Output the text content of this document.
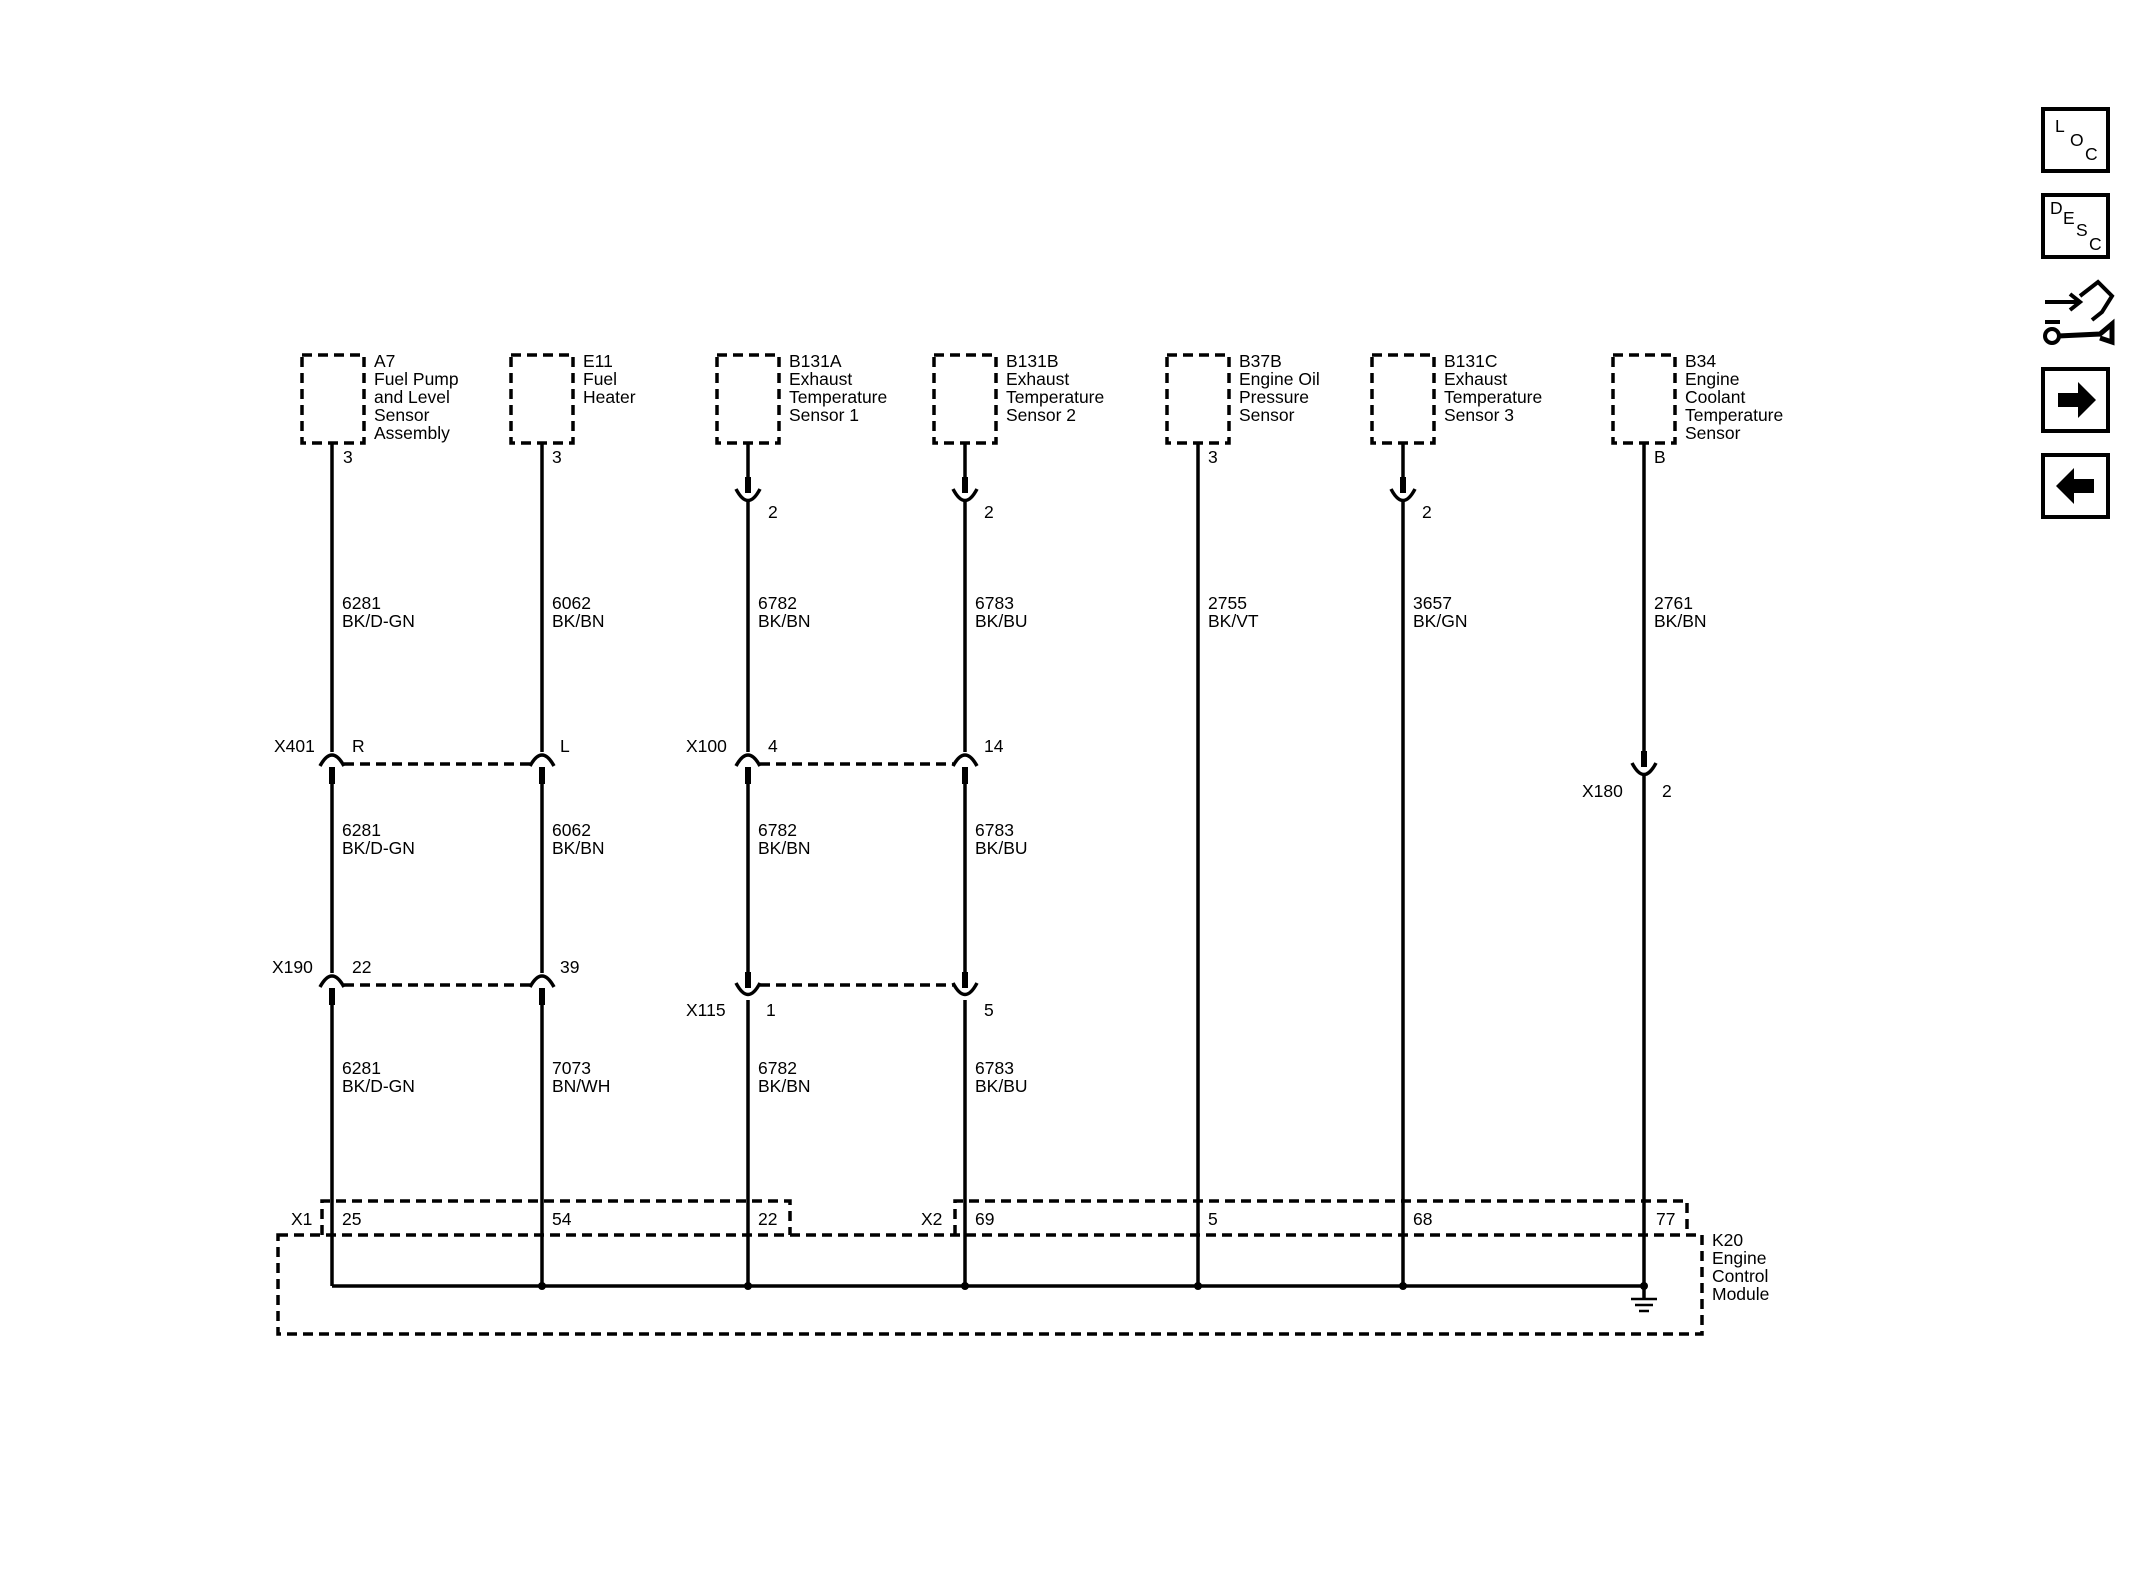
A7
Fuel Pump
and Level
Sensor
Assembly
3
E11
Fuel
Heater
3
B131A
Exhaust
Temperature
Sensor 1
2
B131B
Exhaust
Temperature
Sensor 2
2
B37B
Engine Oil
Pressure
Sensor
3
B131C
Exhaust
Temperature
Sensor 3
2
B34
Engine
Coolant
Temperature
Sensor
B
K20
Engine
Control
Module
X1 25	54	22	X2 69	5	68	77
X401 R	L	X100 4	14
X180 2
X190 22	39
X115 1	5
6281
BK/D-GN
6062
BK/BN
6782
BK/BN
6783
BK/BU
2755
BK/VT
3657
BK/GN
2761
BK/BN
6281
BK/D-GN
6062
BK/BN
6782
BK/BN
6783
BK/BU
6281
BK/D-GN
7073
BN/WH
6782
BK/BN
6783
BK/BU
L
O
C
D E
S
C
